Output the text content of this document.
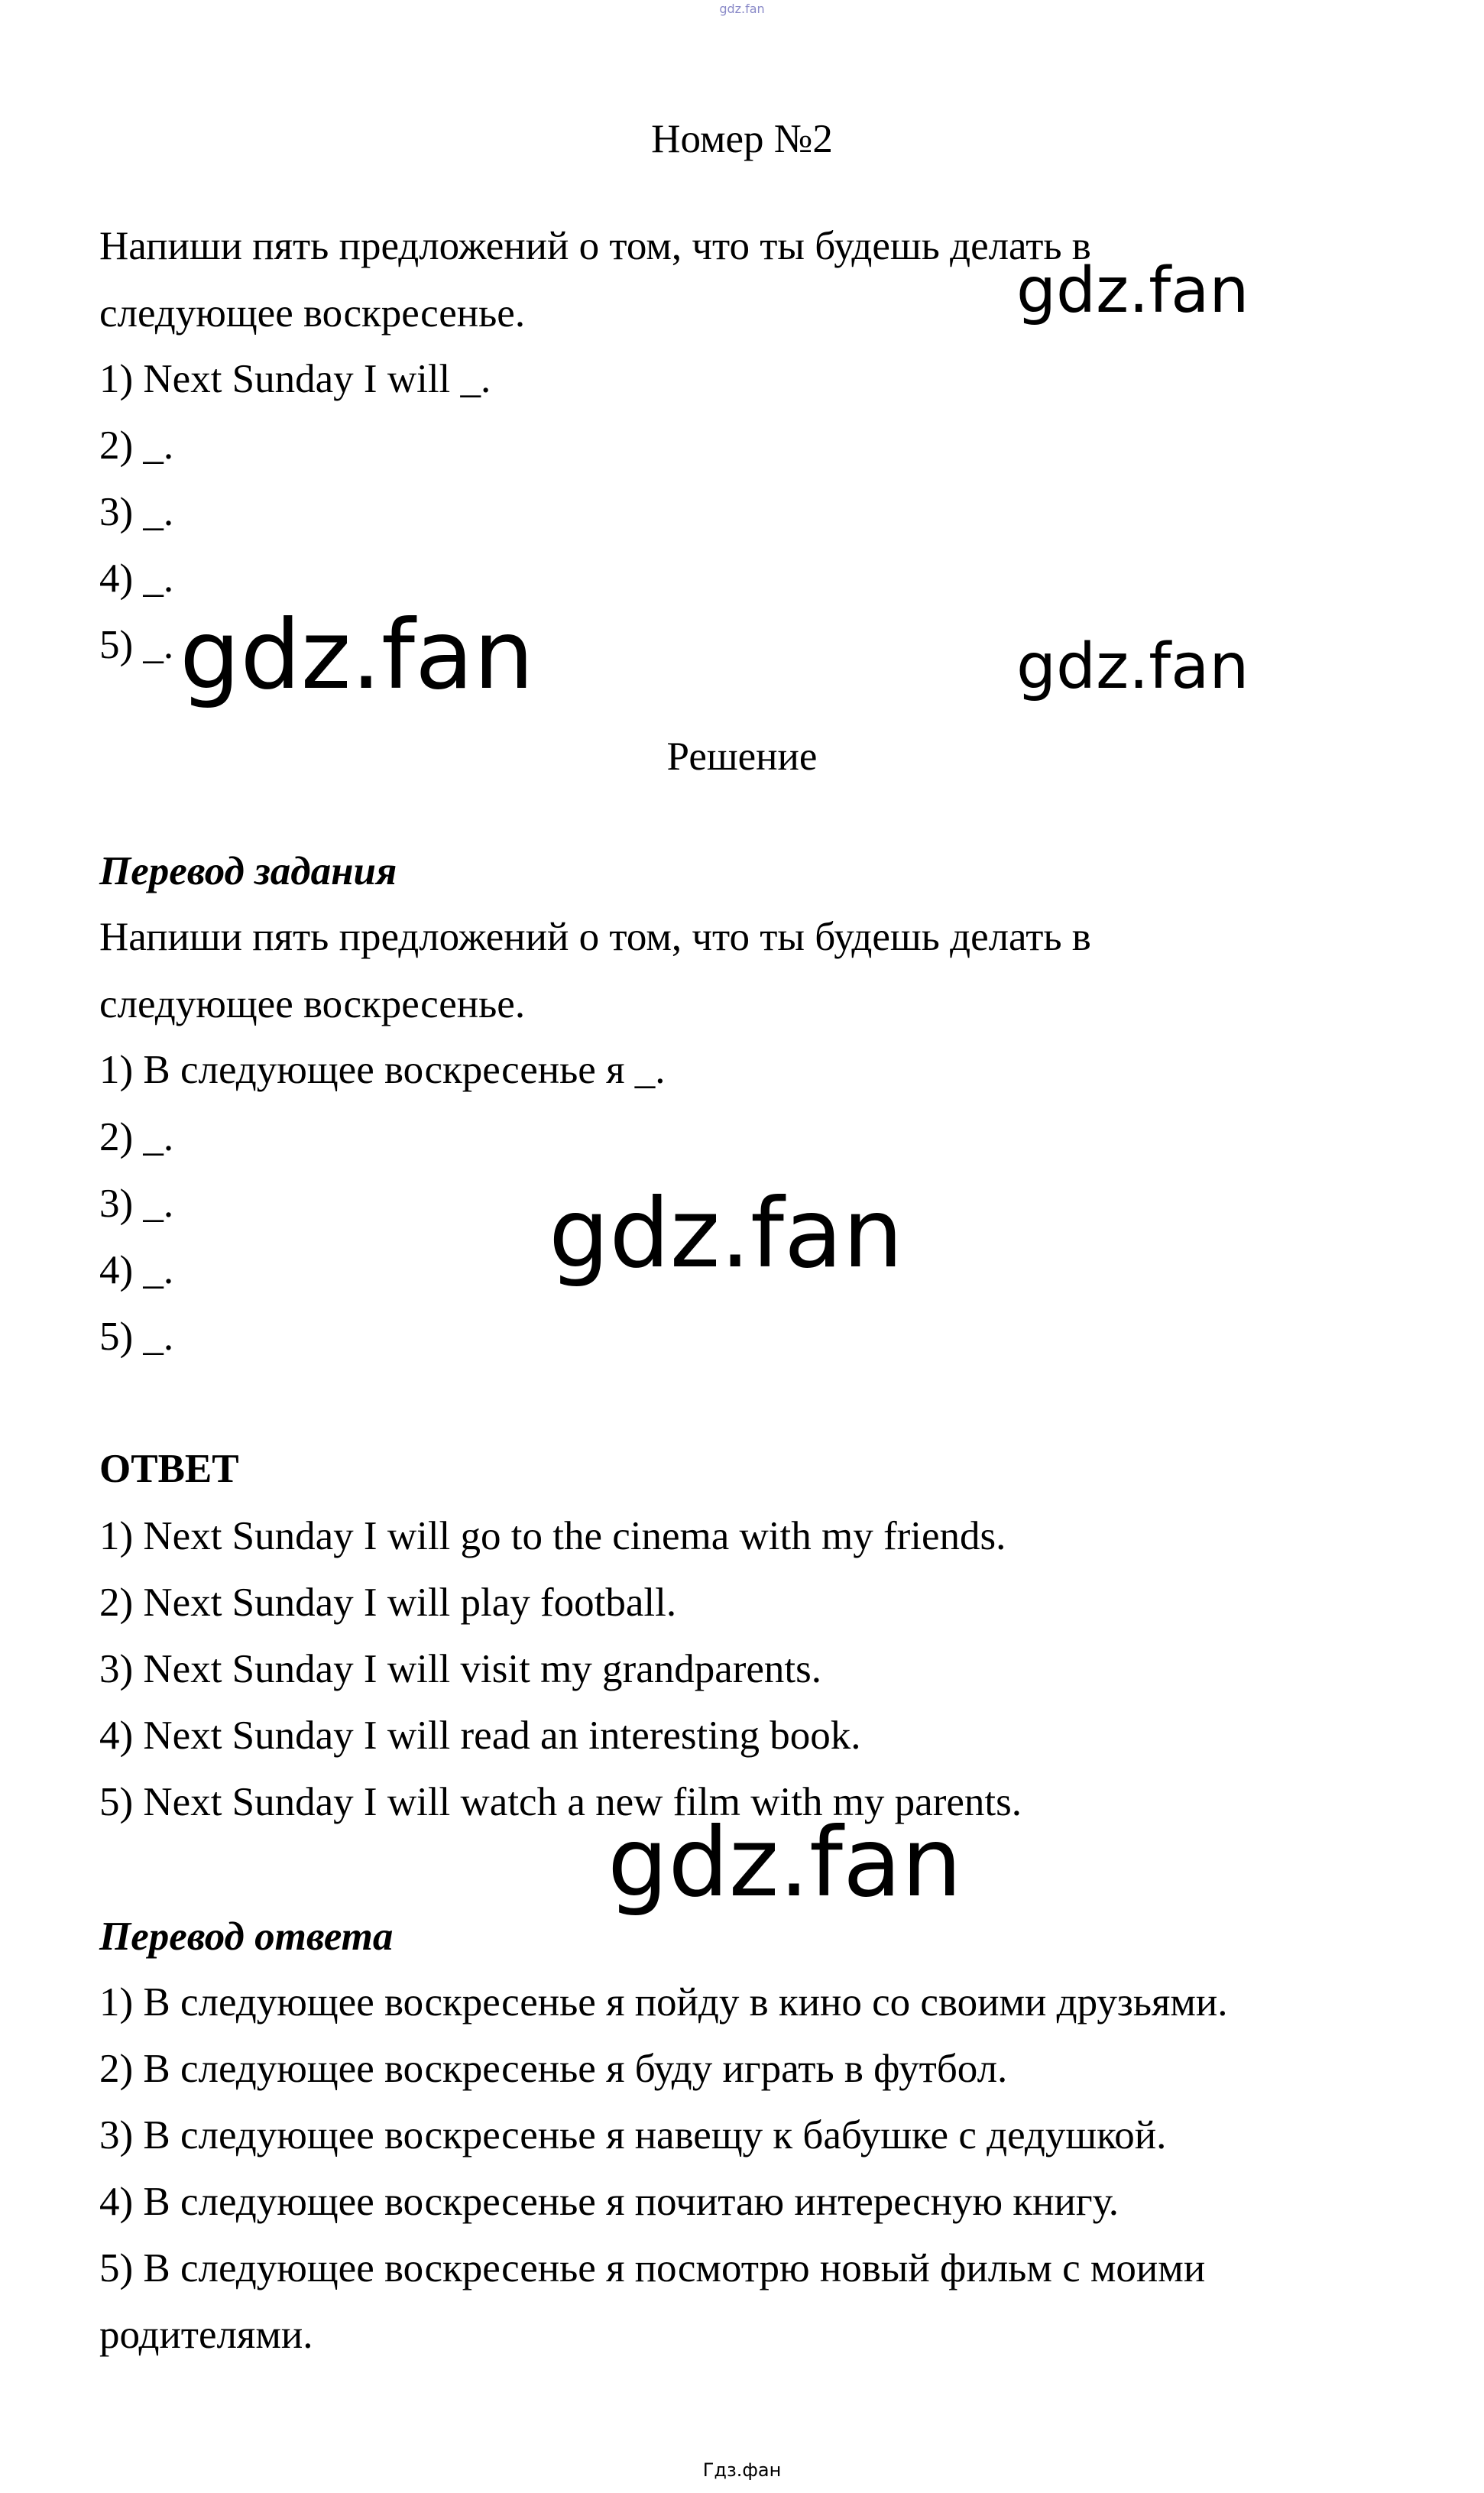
gdz.fan
Номер №2
Напиши пять предложений о том, что ты будешь делать в
следующее воскресенье.
1) Next Sunday I will _.
2) _.
3) _.
4) _.
5) _.
Решение
Перевод задания
Напиши пять предложений о том, что ты будешь делать в
следующее воскресенье.
1) В следующее воскресенье я _.
2) _.
3) _.
4) _.
5) _.
ОТВЕТ
1) Next Sunday I will go to the cinema with my friends.
2) Next Sunday I will play football.
3) Next Sunday I will visit my grandparents.
4) Next Sunday I will read an interesting book.
5) Next Sunday I will watch a new film with my parents.
Перевод ответа
1) В следующее воскресенье я пойду в кино со своими друзьями.
2) В следующее воскресенье я буду играть в футбол.
3) В следующее воскресенье я навещу к бабушке с дедушкой.
4) В следующее воскресенье я почитаю интересную книгу.
5) В следующее воскресенье я посмотрю новый фильм с моими
родителями.
gdz.fan
gdz.fan	gdz.fan
gdz.fan
gdz.fan
Гдз.фан
